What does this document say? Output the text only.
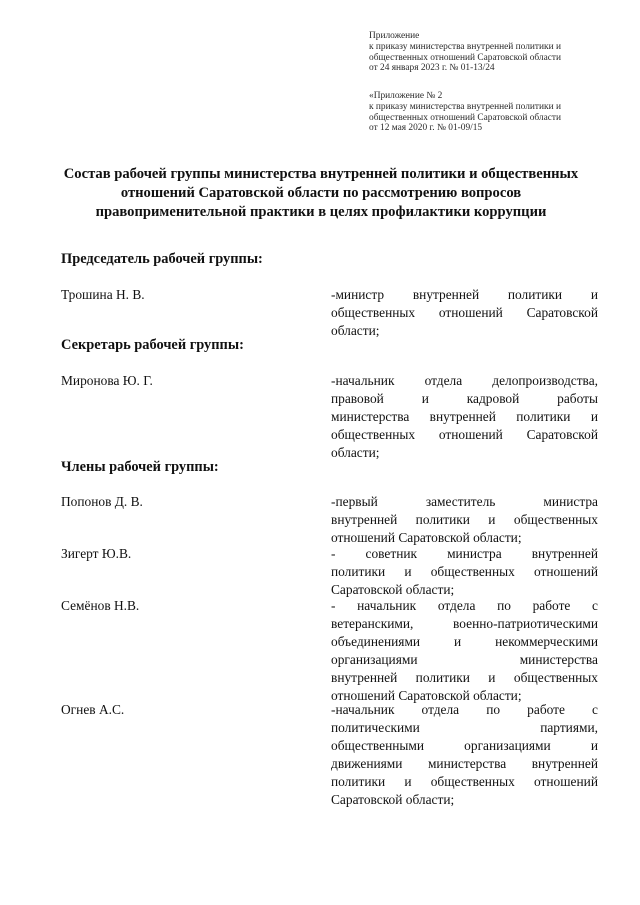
Приложение
к приказу министерства внутренней политики и
общественных отношений Саратовской области
от 24 января 2023 г. № 01-13/24
«Приложение № 2
к приказу министерства внутренней политики и
общественных отношений Саратовской области
от 12 мая 2020 г. № 01-09/15
Состав рабочей группы министерства внутренней политики и общественных
отношений Саратовской области по рассмотрению вопросов
правоприменительной практики в целях профилактики коррупции
Председатель рабочей группы:
Трошина Н. В.	-министр внутренней политики и
общественных отношений Саратовской
области;
Секретарь рабочей группы:
Миронова Ю. Г.	-начальник отдела делопроизводства,
правовой и кадровой работы
министерства внутренней политики и
общественных отношений Саратовской
области;
Члены рабочей группы:
Попонов Д. В.	-первый заместитель министра
внутренней политики и общественных
отношений Саратовской области;
Зигерт Ю.В.	- советник министра внутренней
политики и общественных отношений
Саратовской области;
Семёнов Н.В.	- начальник отдела по работе с
ветеранскими, военно-патриотическими
объединениями и некоммерческими
организациями министерства
внутренней политики и общественных
отношений Саратовской области;
Огнев А.С.	-начальник отдела по работе с
политическими партиями,
общественными организациями и
движениями министерства внутренней
политики и общественных отношений
Саратовской области;
